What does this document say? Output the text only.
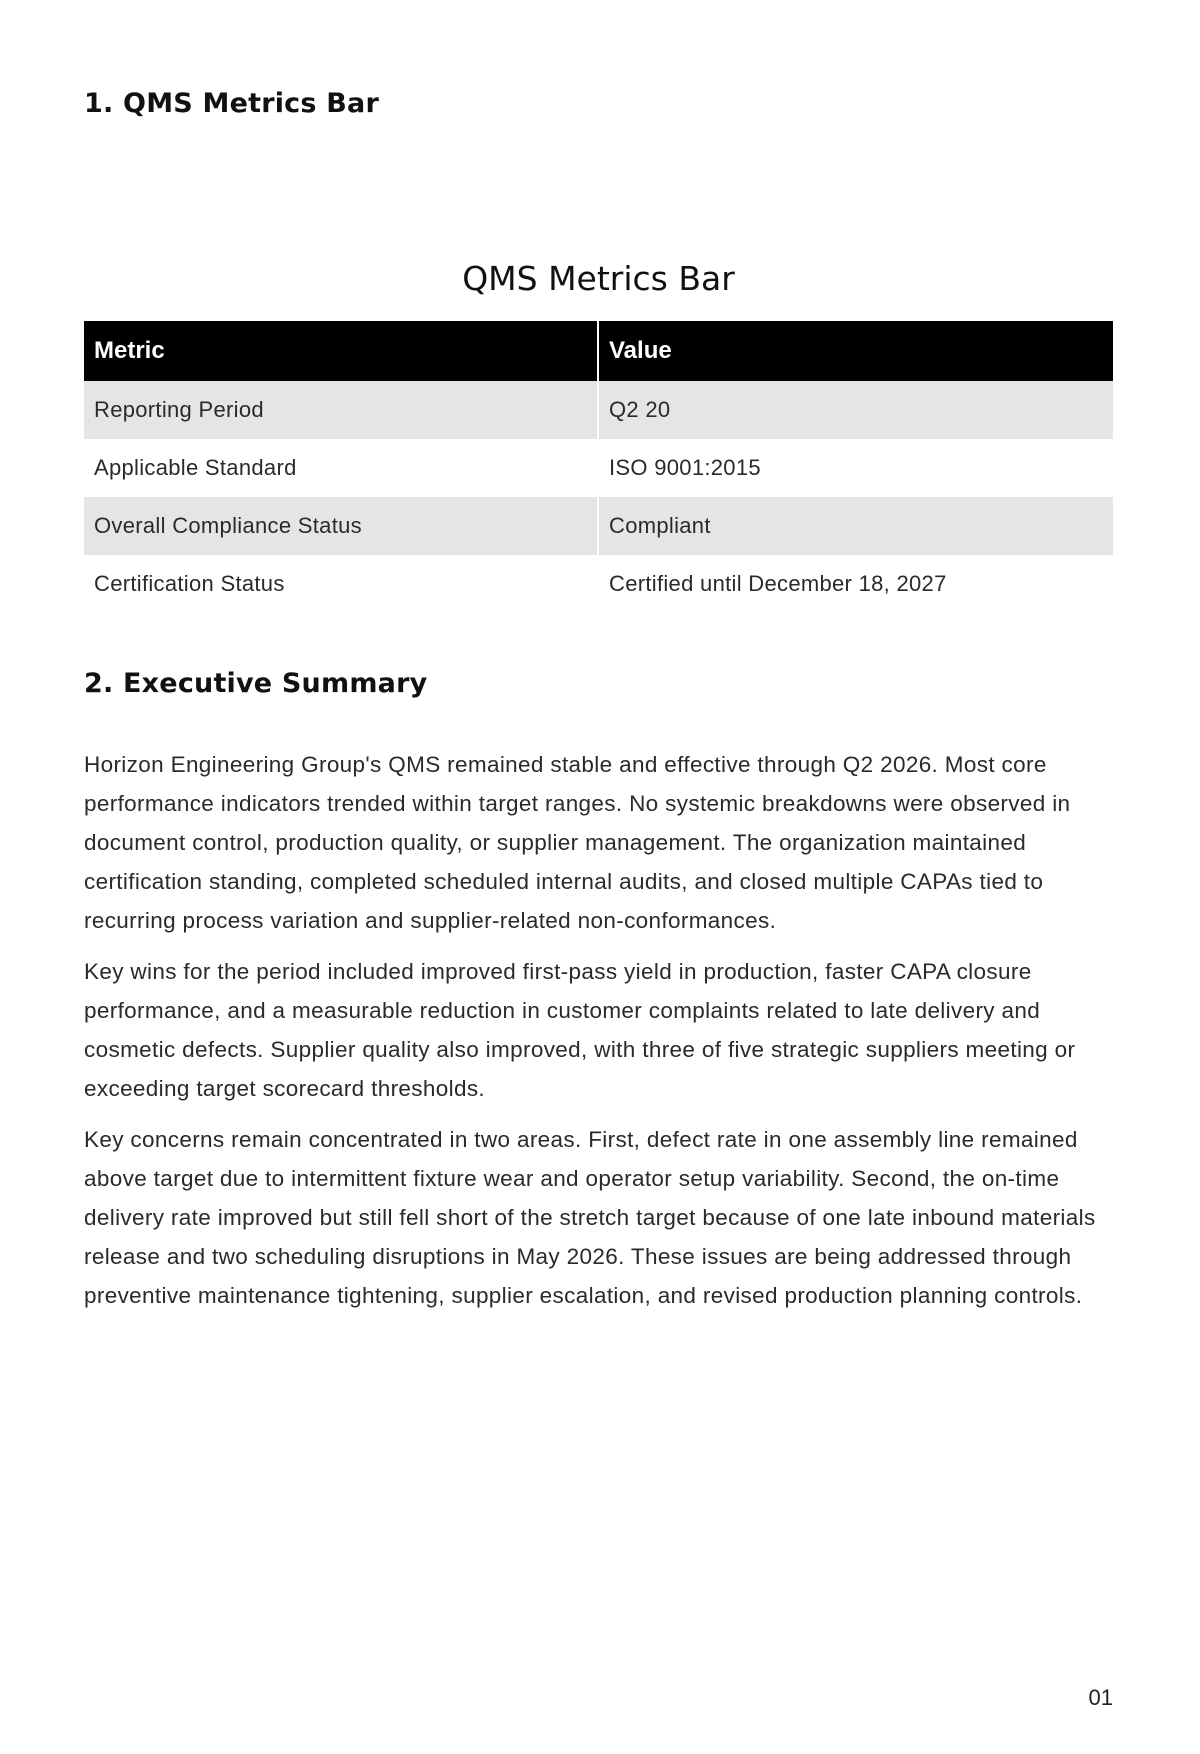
1. QMS Metrics Bar
QMS Metrics Bar
Metric	Value
Reporting Period	Q2 20
Applicable Standard	ISO 9001:2015
Overall Compliance Status	Compliant
Certification Status	Certified until December 18, 2027
2. Executive Summary

Horizon Engineering Group's QMS remained stable and effective through Q2 2026. Most core performance indicators trended within target ranges. No systemic breakdowns were observed in document control, production quality, or supplier management. The organization maintained certification standing, completed scheduled internal audits, and closed multiple CAPAs tied to recurring process variation and supplier-related non-conformances.

Key wins for the period included improved first-pass yield in production, faster CAPA closure performance, and a measurable reduction in customer complaints related to late delivery and cosmetic defects. Supplier quality also improved, with three of five strategic suppliers meeting or exceeding target scorecard thresholds.

Key concerns remain concentrated in two areas. First, defect rate in one assembly line remained above target due to intermittent fixture wear and operator setup variability. Second, the on-time delivery rate improved but still fell short of the stretch target because of one late inbound materials release and two scheduling disruptions in May 2026. These issues are being addressed through preventive maintenance tightening, supplier escalation, and revised production planning controls.

01
